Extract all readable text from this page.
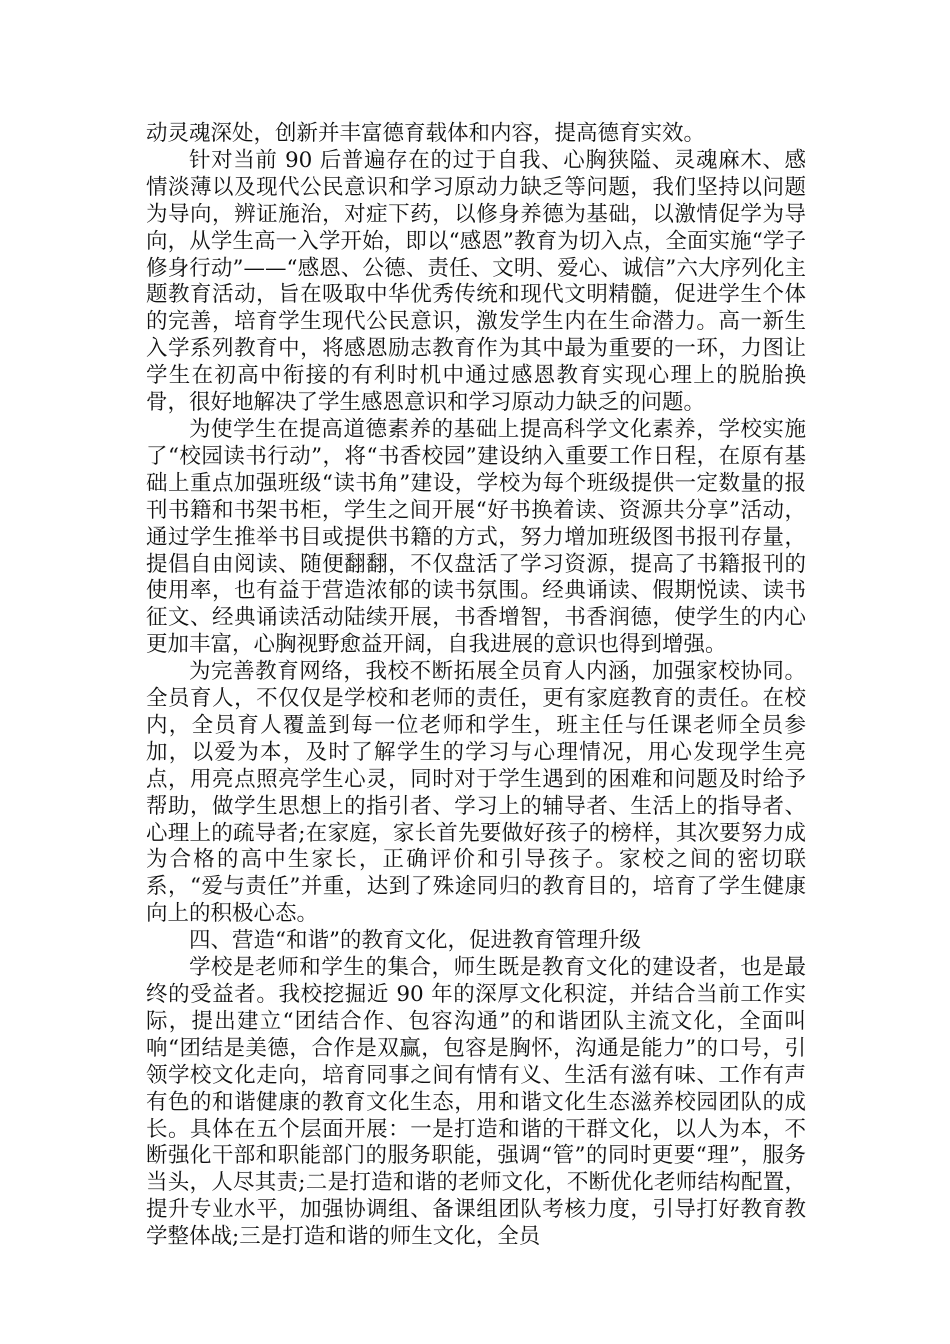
动灵魂深处，创新并丰富德育载体和内容，提高德育实效。

针对当前 90 后普遍存在的过于自我、心胸狭隘、灵魂麻木、感情淡薄以及现代公民意识和学习原动力缺乏等问题，我们坚持以问题为导向，辨证施治，对症下药，以修身养德为基础，以激情促学为导向，从学生高一入学开始，即以“感恩”教育为切入点，全面实施“学子修身行动”——“感恩、公德、责任、文明、爱心、诚信”六大序列化主题教育活动，旨在吸取中华优秀传统和现代文明精髓，促进学生个体的完善，培育学生现代公民意识，激发学生内在生命潜力。高一新生入学系列教育中，将感恩励志教育作为其中最为重要的一环，力图让学生在初高中衔接的有利时机中通过感恩教育实现心理上的脱胎换骨，很好地解决了学生感恩意识和学习原动力缺乏的问题。

为使学生在提高道德素养的基础上提高科学文化素养，学校实施了“校园读书行动”，将“书香校园”建设纳入重要工作日程，在原有基础上重点加强班级“读书角”建设，学校为每个班级提供一定数量的报刊书籍和书架书柜，学生之间开展“好书换着读、资源共分享”活动，通过学生推举书目或提供书籍的方式，努力增加班级图书报刊存量，提倡自由阅读、随便翻翻，不仅盘活了学习资源，提高了书籍报刊的使用率，也有益于营造浓郁的读书氛围。经典诵读、假期悦读、读书征文、经典诵读活动陆续开展，书香增智，书香润德，使学生的内心更加丰富，心胸视野愈益开阔，自我进展的意识也得到增强。

为完善教育网络，我校不断拓展全员育人内涵，加强家校协同。全员育人，不仅仅是学校和老师的责任，更有家庭教育的责任。在校内，全员育人覆盖到每一位老师和学生，班主任与任课老师全员参加，以爱为本，及时了解学生的学习与心理情况，用心发现学生亮点，用亮点照亮学生心灵，同时对于学生遇到的困难和问题及时给予帮助，做学生思想上的指引者、学习上的辅导者、生活上的指导者、心理上的疏导者;在家庭，家长首先要做好孩子的榜样，其次要努力成为合格的高中生家长，正确评价和引导孩子。家校之间的密切联系，“爱与责任”并重，达到了殊途同归的教育目的，培育了学生健康向上的积极心态。

四、营造“和谐”的教育文化，促进教育管理升级

学校是老师和学生的集合，师生既是教育文化的建设者，也是最终的受益者。我校挖掘近 90 年的深厚文化积淀，并结合当前工作实际，提出建立“团结合作、包容沟通”的和谐团队主流文化，全面叫响“团结是美德，合作是双赢，包容是胸怀，沟通是能力”的口号，引领学校文化走向，培育同事之间有情有义、生活有滋有味、工作有声有色的和谐健康的教育文化生态，用和谐文化生态滋养校园团队的成长。具体在五个层面开展：一是打造和谐的干群文化，以人为本，不断强化干部和职能部门的服务职能，强调“管”的同时更要“理”，服务当头，人尽其责;二是打造和谐的老师文化，不断优化老师结构配置，提升专业水平，加强协调组、备课组团队考核力度，引导打好教育教学整体战;三是打造和谐的师生文化，全员
